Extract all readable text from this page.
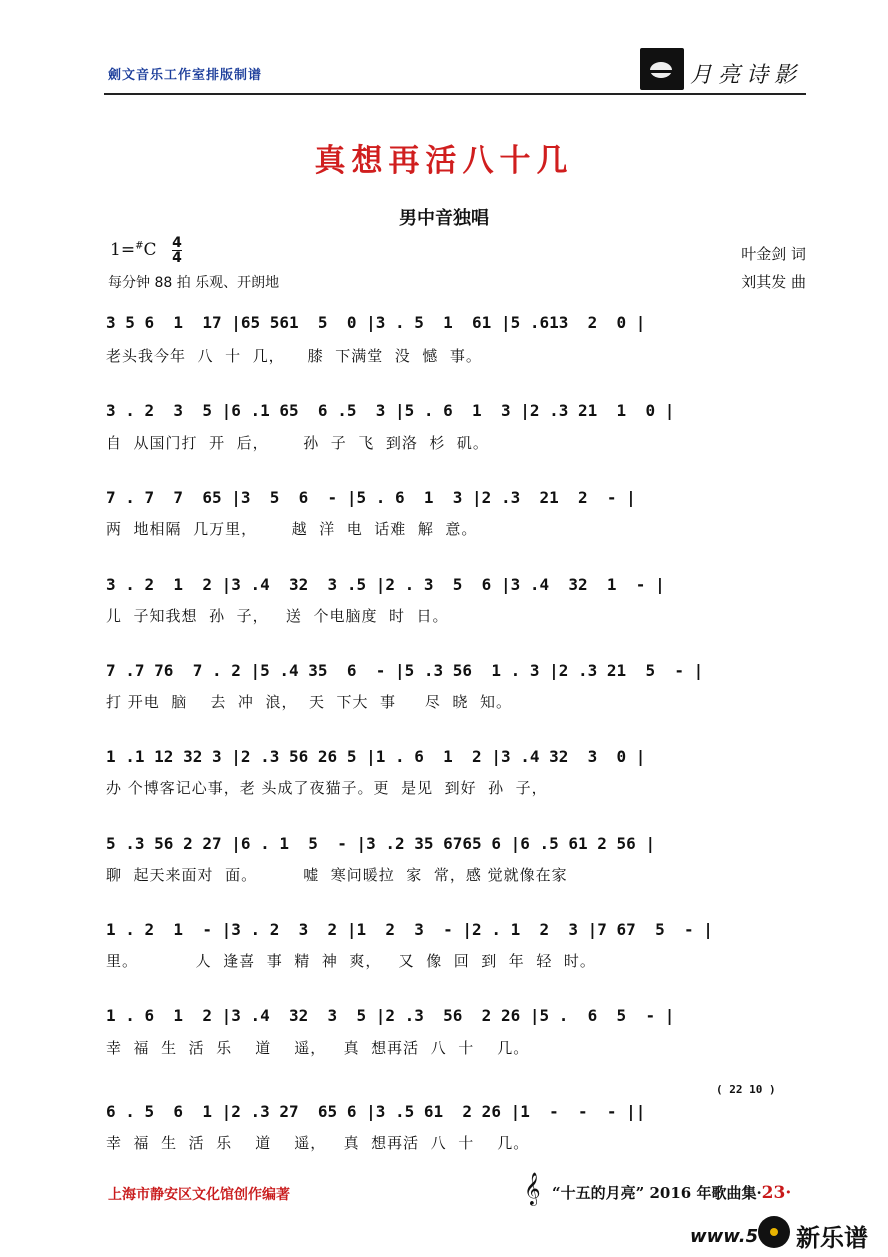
劍文音乐工作室排版制谱	月亮诗影
真想再活八十几
男中音独唱
1=#C 4
4
每分钟 88 拍 乐观、开朗地
叶金剑 词
刘其发 曲
3 5 6  1  17 |65 561  5  0 |3 . 5  1  61 |5 .613  2  0 |
老头我今年  八  十  几，    膝  下满堂  没  憾  事。
3 . 2  3  5 |6 .1 65  6 .5  3 |5 . 6  1  3 |2 .3 21  1  0 |
自  从国门打  开  后，      孙  子  飞  到洛  杉  矶。
7 . 7  7  65 |3  5  6  - |5 . 6  1  3 |2 .3  21  2  - |
两  地相隔  几万里，      越  洋  电  话难  解  意。
3 . 2  1  2 |3 .4  32  3 .5 |2 . 3  5  6 |3 .4  32  1  - |
儿  子知我想  孙  子，   送  个电脑度  时  日。
7 .7 76  7 . 2 |5 .4 35  6  - |5 .3 56  1 . 3 |2 .3 21  5  - |
打 开电  脑    去  冲  浪，  天  下大  事     尽  晓  知。
1 .1 12 32 3 |2 .3 56 26 5 |1 . 6  1  2 |3 .4 32  3  0 |
办 个博客记心事，老 头成了夜猫子。更  是见  到好  孙  子，
5 .3 56 2 27 |6 . 1  5  - |3 .2 35 6765 6 |6 .5 61 2 56 |
聊  起天来面对  面。        嘘  寒问暖拉  家  常，感 觉就像在家
1 . 2  1  - |3 . 2  3  2 |1  2  3  - |2 . 1  2  3 |7 67  5  - |
里。          人  逢喜  事  精  神  爽，   又  像  回  到  年  轻  时。
1 . 6  1  2 |3 .4  32  3  5 |2 .3  56  2 26 |5 .  6  5  - |
幸  福  生  活  乐    道    遥，   真  想再活  八  十    几。
( 22 10 )
6 . 5  6  1 |2 .3 27  65 6 |3 .5 61  2 26 |1  -  -  - ||
幸  福  生  活  乐    道    遥，   真  想再活  八  十    几。
上海市静安区文化馆创作编著	𝄞 “十五的月亮” 2016 年歌曲集·23·
www.5 新乐谱
